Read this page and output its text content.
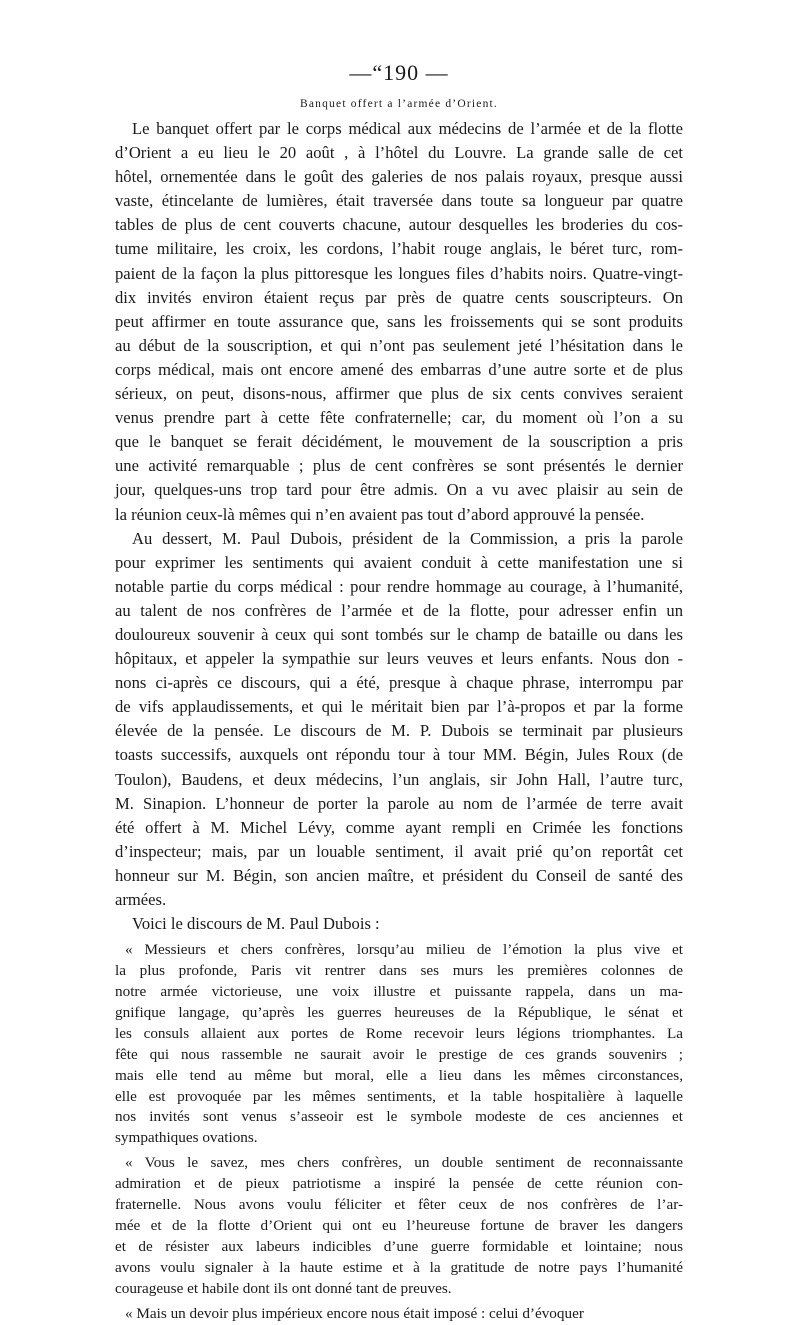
—“190 —
Banquet offert a l’armée d’Orient.
Le banquet offert par le corps médical aux médecins de l’armée et de la flotte
d’Orient a eu lieu le 20 août , à l’hôtel du Louvre. La grande salle de cet
hôtel, ornementée dans le goût des galeries de nos palais royaux, presque aussi
vaste, étincelante de lumières, était traversée dans toute sa longueur par quatre
tables de plus de cent couverts chacune, autour desquelles les broderies du cos-
tume militaire, les croix, les cordons, l’habit rouge anglais, le béret turc, rom-
paient de la façon la plus pittoresque les longues files d’habits noirs. Quatre-vingt-
dix invités environ étaient reçus par près de quatre cents souscripteurs. On
peut affirmer en toute assurance que, sans les froissements qui se sont produits
au début de la souscription, et qui n’ont pas seulement jeté l’hésitation dans le
corps médical, mais ont encore amené des embarras d’une autre sorte et de plus
sérieux, on peut, disons-nous, affirmer que plus de six cents convives seraient
venus prendre part à cette fête confraternelle; car, du moment où l’on a su
que le banquet se ferait décidément, le mouvement de la souscription a pris
une activité remarquable ; plus de cent confrères se sont présentés le dernier
jour, quelques-uns trop tard pour être admis. On a vu avec plaisir au sein de
la réunion ceux-là mêmes qui n’en avaient pas tout d’abord approuvé la pensée.
Au dessert, M. Paul Dubois, président de la Commission, a pris la parole
pour exprimer les sentiments qui avaient conduit à cette manifestation une si
notable partie du corps médical : pour rendre hommage au courage, à l’humanité,
au talent de nos confrères de l’armée et de la flotte, pour adresser enfin un
douloureux souvenir à ceux qui sont tombés sur le champ de bataille ou dans les
hôpitaux, et appeler la sympathie sur leurs veuves et leurs enfants. Nous don -
nons ci-après ce discours, qui a été, presque à chaque phrase, interrompu par
de vifs applaudissements, et qui le méritait bien par l’à-propos et par la forme
élevée de la pensée. Le discours de M. P. Dubois se terminait par plusieurs
toasts successifs, auxquels ont répondu tour à tour MM. Bégin, Jules Roux (de
Toulon), Baudens, et deux médecins, l’un anglais, sir John Hall, l’autre turc,
M. Sinapion. L’honneur de porter la parole au nom de l’armée de terre avait
été offert à M. Michel Lévy, comme ayant rempli en Crimée les fonctions
d’inspecteur; mais, par un louable sentiment, il avait prié qu’on reportât cet
honneur sur M. Bégin, son ancien maître, et président du Conseil de santé des
armées.
Voici le discours de M. Paul Dubois :
« Messieurs et chers confrères, lorsqu’au milieu de l’émotion la plus vive et
la plus profonde, Paris vit rentrer dans ses murs les premières colonnes de
notre armée victorieuse, une voix illustre et puissante rappela, dans un ma-
gnifique langage, qu’après les guerres heureuses de la République, le sénat et
les consuls allaient aux portes de Rome recevoir leurs légions triomphantes. La
fête qui nous rassemble ne saurait avoir le prestige de ces grands souvenirs ;
mais elle tend au même but moral, elle a lieu dans les mêmes circonstances,
elle est provoquée par les mêmes sentiments, et la table hospitalière à laquelle
nos invités sont venus s’asseoir est le symbole modeste de ces anciennes et
sympathiques ovations.
« Vous le savez, mes chers confrères, un double sentiment de reconnaissante
admiration et de pieux patriotisme a inspiré la pensée de cette réunion con-
fraternelle. Nous avons voulu féliciter et fêter ceux de nos confrères de l’ar-
mée et de la flotte d’Orient qui ont eu l’heureuse fortune de braver les dangers
et de résister aux labeurs indicibles d’une guerre formidable et lointaine; nous
avons voulu signaler à la haute estime et à la gratitude de notre pays l’humanité
courageuse et habile dont ils ont donné tant de preuves.
« Mais un devoir plus impérieux encore nous était imposé : celui d’évoquer
